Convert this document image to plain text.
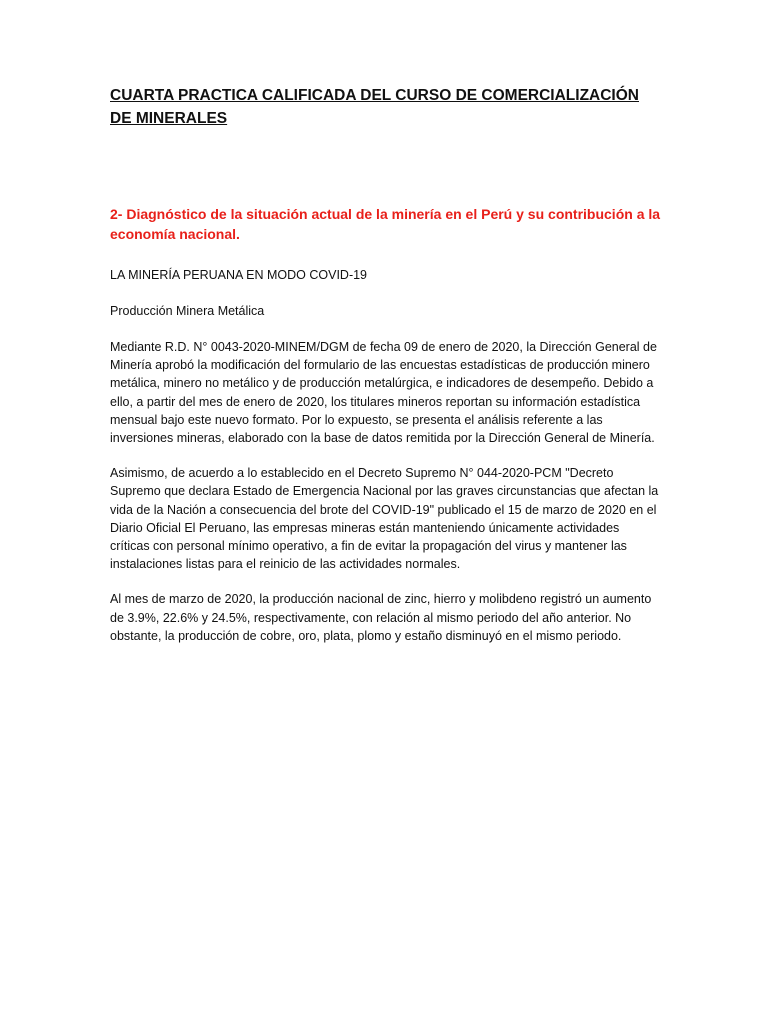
CUARTA PRACTICA CALIFICADA DEL CURSO DE COMERCIALIZACIÓN DE MINERALES

2- Diagnóstico de la situación actual de la minería en el Perú y su contribución a la economía nacional.

LA MINERÍA PERUANA EN MODO COVID-19

Producción Minera Metálica

Mediante R.D. N° 0043-2020-MINEM/DGM de fecha 09 de enero de 2020, la Dirección General de Minería aprobó la modificación del formulario de las encuestas estadísticas de producción minero metálica, minero no metálico y de producción metalúrgica, e indicadores de desempeño. Debido a ello, a partir del mes de enero de 2020, los titulares mineros reportan su información estadística mensual bajo este nuevo formato. Por lo expuesto, se presenta el análisis referente a las inversiones mineras, elaborado con la base de datos remitida por la Dirección General de Minería.

Asimismo, de acuerdo a lo establecido en el Decreto Supremo N° 044-2020-PCM "Decreto Supremo que declara Estado de Emergencia Nacional por las graves circunstancias que afectan la vida de la Nación a consecuencia del brote del COVID-19" publicado el 15 de marzo de 2020 en el Diario Oficial El Peruano, las empresas mineras están manteniendo únicamente actividades críticas con personal mínimo operativo, a fin de evitar la propagación del virus y mantener las instalaciones listas para el reinicio de las actividades normales.

Al mes de marzo de 2020, la producción nacional de zinc, hierro y molibdeno registró un aumento de 3.9%, 22.6% y 24.5%, respectivamente, con relación al mismo periodo del año anterior. No obstante, la producción de cobre, oro, plata, plomo y estaño disminuyó en el mismo periodo.
